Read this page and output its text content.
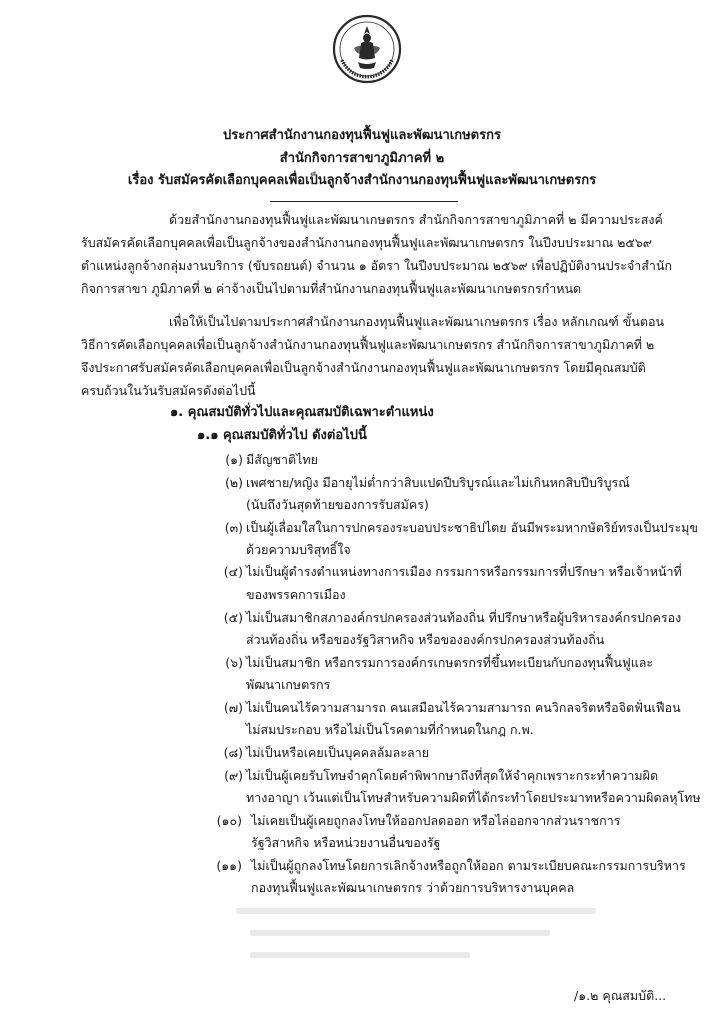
ประกาศสำนักงานกองทุนฟื้นฟูและพัฒนาเกษตรกร
สำนักกิจการสาขาภูมิภาคที่ ๒
เรื่อง รับสมัครคัดเลือกบุคคลเพื่อเป็นลูกจ้างสำนักงานกองทุนฟื้นฟูและพัฒนาเกษตรกร
ด้วยสำนักงานกองทุนฟื้นฟูและพัฒนาเกษตรกร สำนักกิจการสาขาภูมิภาคที่ ๒ มีความประสงค์
รับสมัครคัดเลือกบุคคลเพื่อเป็นลูกจ้างของสำนักงานกองทุนฟื้นฟูและพัฒนาเกษตรกร ในปีงบประมาณ ๒๕๖๙
ตำแหน่งลูกจ้างกลุ่มงานบริการ (ขับรถยนต์) จำนวน ๑ อัตรา ในปีงบประมาณ ๒๕๖๙ เพื่อปฏิบัติงานประจำสำนัก
กิจการสาขา ภูมิภาคที่ ๒ ค่าจ้างเป็นไปตามที่สำนักงานกองทุนฟื้นฟูและพัฒนาเกษตรกรกำหนด
เพื่อให้เป็นไปตามประกาศสำนักงานกองทุนฟื้นฟูและพัฒนาเกษตรกร เรื่อง หลักเกณฑ์ ขั้นตอน
วิธีการคัดเลือกบุคคลเพื่อเป็นลูกจ้างสำนักงานกองทุนฟื้นฟูและพัฒนาเกษตรกร สำนักกิจการสาขาภูมิภาคที่ ๒
จึงประกาศรับสมัครคัดเลือกบุคคลเพื่อเป็นลูกจ้างสำนักงานกองทุนฟื้นฟูและพัฒนาเกษตรกร โดยมีคุณสมบัติ
ครบถ้วนในวันรับสมัครดังต่อไปนี้
๑. คุณสมบัติทั่วไปและคุณสมบัติเฉพาะตำแหน่ง
๑.๑ คุณสมบัติทั่วไป ดังต่อไปนี้
(๑) มีสัญชาติไทย
(๒) เพศชาย/หญิง มีอายุไม่ต่ำกว่าสิบแปดปีบริบูรณ์และไม่เกินหกสิบปีบริบูรณ์
(นับถึงวันสุดท้ายของการรับสมัคร)
(๓) เป็นผู้เลื่อมใสในการปกครองระบอบประชาธิปไตย อันมีพระมหากษัตริย์ทรงเป็นประมุข
ด้วยความบริสุทธิ์ใจ
(๔) ไม่เป็นผู้ดำรงตำแหน่งทางการเมือง กรรมการหรือกรรมการที่ปรึกษา หรือเจ้าหน้าที่
ของพรรคการเมือง
(๕) ไม่เป็นสมาชิกสภาองค์กรปกครองส่วนท้องถิ่น ที่ปรึกษาหรือผู้บริหารองค์กรปกครอง
ส่วนท้องถิ่น หรือของรัฐวิสาหกิจ หรือขององค์กรปกครองส่วนท้องถิ่น
(๖) ไม่เป็นสมาชิก หรือกรรมการองค์กรเกษตรกรที่ขึ้นทะเบียนกับกองทุนฟื้นฟูและ
พัฒนาเกษตรกร
(๗) ไม่เป็นคนไร้ความสามารถ คนเสมือนไร้ความสามารถ คนวิกลจริตหรือจิตฟั่นเฟือน
ไม่สมประกอบ หรือไม่เป็นโรคตามที่กำหนดในกฎ ก.พ.
(๘) ไม่เป็นหรือเคยเป็นบุคคลล้มละลาย
(๙) ไม่เป็นผู้เคยรับโทษจำคุกโดยคำพิพากษาถึงที่สุดให้จำคุกเพราะกระทำความผิด
ทางอาญา เว้นแต่เป็นโทษสำหรับความผิดที่ได้กระทำโดยประมาทหรือความผิดลหุโทษ
(๑๐) ไม่เคยเป็นผู้เคยถูกลงโทษให้ออกปลดออก หรือไล่ออกจากส่วนราชการ
รัฐวิสาหกิจ หรือหน่วยงานอื่นของรัฐ
(๑๑) ไม่เป็นผู้ถูกลงโทษโดยการเลิกจ้างหรือถูกให้ออก ตามระเบียบคณะกรรมการบริหาร
กองทุนฟื้นฟูและพัฒนาเกษตรกร ว่าด้วยการบริหารงานบุคคล
/๑.๒ คุณสมบัติ...
